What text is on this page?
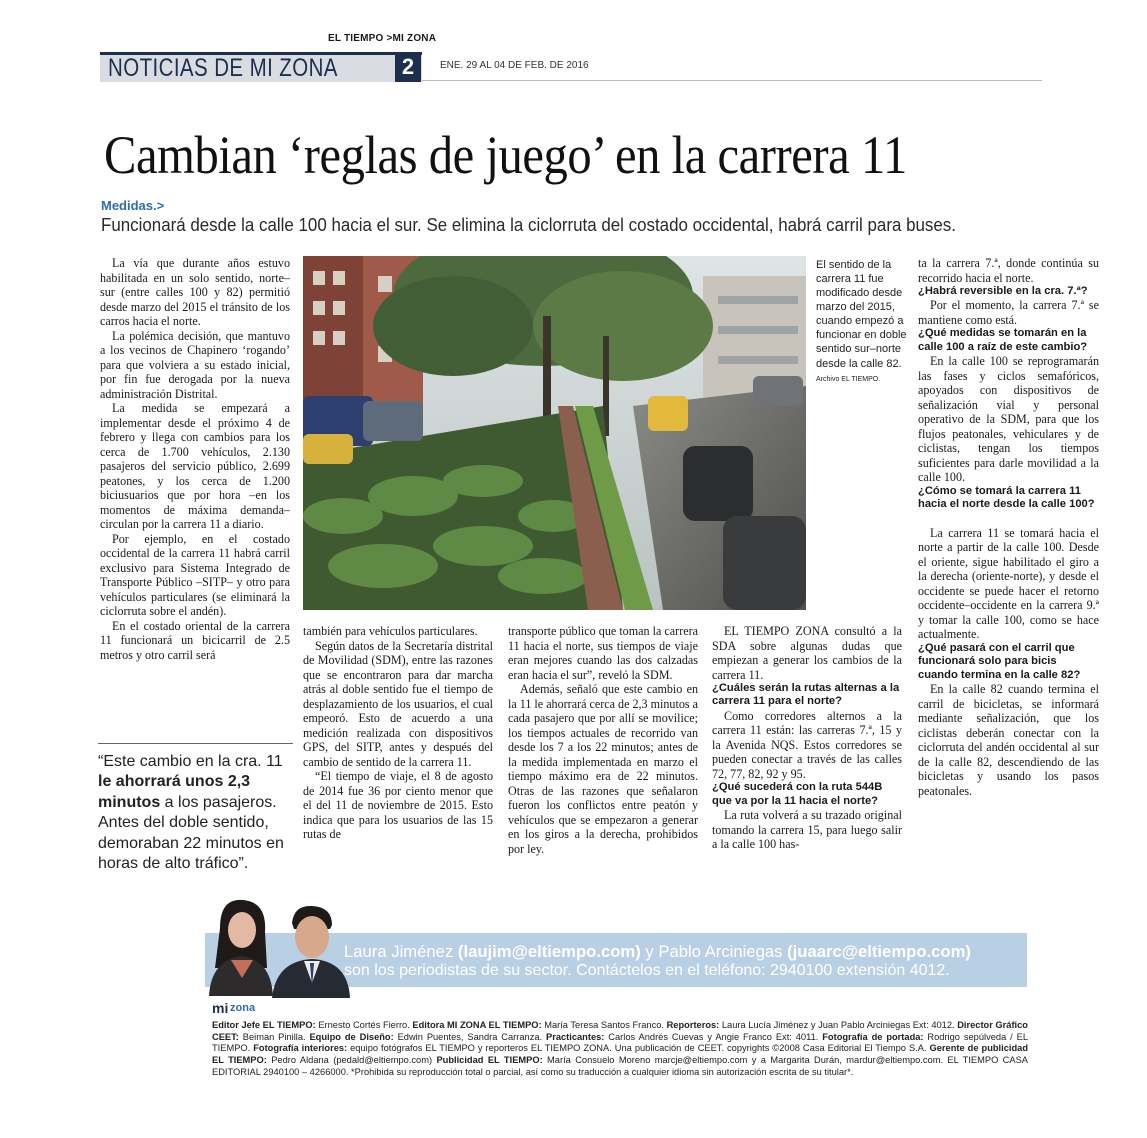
EL TIEMPO >MI ZONA
NOTICIAS DE MI ZONA	2	ENE. 29 AL 04 DE FEB. DE 2016
Cambian ‘reglas de juego’ en la carrera 11
Medidas.>
Funcionará desde la calle 100 hacia el sur. Se elimina la ciclorruta del costado occidental, habrá carril para buses.

La vía que durante años estuvo habilitada en un solo sentido, norte–sur (entre calles 100 y 82) permitió desde marzo del 2015 el tránsito de los carros hacia el norte.

La polémica decisión, que mantuvo a los vecinos de Chapinero ‘rogando’ para que volviera a su estado inicial, por fin fue derogada por la nueva administración Distrital.

La medida se empezará a implementar desde el próximo 4 de febrero y llega con cambios para los cerca de 1.700 vehículos, 2.130 pasajeros del servicio público, 2.699 peatones, y los cerca de 1.200 biciusuarios que por hora –en los momentos de máxima demanda– circulan por la carrera 11 a diario.

Por ejemplo, en el costado occidental de la carrera 11 habrá carril exclusivo para Sistema Integrado de Transporte Público –SITP– y otro para vehículos particulares (se eliminará la ciclorruta sobre el andén).

En el costado oriental de la carrera 11 funcionará un bicicarril de 2.5 metros y otro carril será

El sentido de la carrera 11 fue modificado desde marzo del 2015, cuando empezó a funcionar en doble sentido sur–norte desde la calle 82. Archivo EL TIEMPO.

ta la carrera 7.ª, donde continúa su recorrido hacia el norte.

¿Habrá reversible en la cra. 7.ª?

Por el momento, la carrera 7.ª se mantiene como está.

¿Qué medidas se tomarán en la calle 100 a raíz de este cambio?

En la calle 100 se reprogramarán las fases y ciclos semafóricos, apoyados con dispositivos de señalización vial y personal operativo de la SDM, para que los flujos peatonales, vehiculares y de ciclistas, tengan los tiempos suficientes para darle movilidad a la calle 100.

¿Cómo se tomará la carrera 11 hacia el norte desde la calle 100?

La carrera 11 se tomará hacia el norte a partir de la calle 100. Desde el oriente, sigue habilitado el giro a la derecha (oriente-norte), y desde el occidente se puede hacer el retorno occidente–occidente en la carrera 9.ª y tomar la calle 100, como se hace actualmente.

¿Qué pasará con el carril que funcionará solo para bicis cuando termina en la calle 82?

En la calle 82 cuando termina el carril de bicicletas, se informará mediante señalización, que los ciclistas deberán conectar con la ciclorruta del andén occidental al sur de la calle 82, descendiendo de las bicicletas y usando los pasos peatonales.

“Este cambio en la cra. 11 le ahorrará unos 2,3 minutos a los pasajeros. Antes del doble sentido, demoraban 22 minutos en horas de alto tráfico”.

también para vehículos particulares.

Según datos de la Secretaría distrital de Movilidad (SDM), entre las razones que se encontraron para dar marcha atrás al doble sentido fue el tiempo de desplazamiento de los usuarios, el cual empeoró. Esto de acuerdo a una medición realizada con dispositivos GPS, del SITP, antes y después del cambio de sentido de la carrera 11.

“El tiempo de viaje, el 8 de agosto de 2014 fue 36 por ciento menor que el del 11 de noviembre de 2015. Esto indica que para los usuarios de las 15 rutas de

transporte público que toman la carrera 11 hacia el norte, sus tiempos de viaje eran mejores cuando las dos calzadas eran hacia el sur”, reveló la SDM.

Además, señaló que este cambio en la 11 le ahorrará cerca de 2,3 minutos a cada pasajero que por allí se movilice; los tiempos actuales de recorrido van desde los 7 a los 22 minutos; antes de la medida implementada en marzo el tiempo máximo era de 22 minutos. Otras de las razones que señalaron fueron los conflictos entre peatón y vehículos que se empezaron a generar en los giros a la derecha, prohibidos por ley.

EL TIEMPO ZONA consultó a la SDA sobre algunas dudas que empiezan a generar los cambios de la carrera 11.

¿Cuáles serán la rutas alternas a la carrera 11 para el norte?

Como corredores alternos a la carrera 11 están: las carreras 7.ª, 15 y la Avenida NQS. Estos corredores se pueden conectar a través de las calles 72, 77, 82, 92 y 95.

¿Qué sucederá con la ruta 544B que va por la 11 hacia el norte?

La ruta volverá a su trazado original tomando la carrera 15, para luego salir a la calle 100 has-

Laura Jiménez (laujim@eltiempo.com) y Pablo Arciniegas (juaarc@eltiempo.com)
son los periodistas de su sector. Contáctelos en el teléfono: 2940100 extensión 4012.
mi zona
Editor Jefe EL TIEMPO: Ernesto Cortés Fierro. Editora MI ZONA EL TIEMPO: María Teresa Santos Franco. Reporteros: Laura Lucía Jiménez y Juan Pablo Arciniegas Ext: 4012. Director Gráfico CEET: Beiman Pinilla. Equipo de Diseño: Edwin Puentes, Sandra Carranza. Practicantes: Carlos Andrés Cuevas y Angie Franco Ext: 4011. Fotografía de portada: Rodrigo sepúlveda / EL TIEMPO. Fotografía interiores: equipo fotógrafos EL TIEMPO y reporteros EL TIEMPO ZONA. Una publicación de CEET. copyrights ©2008 Casa Editorial El Tiempo S.A. Gerente de publicidad EL TIEMPO: Pedro Aldana (pedald@eltiempo.com) Publicidad EL TIEMPO: María Consuelo Moreno marcje@eltiempo.com y a Margarita Durán, mardur@eltiempo.com. EL TIEMPO CASA EDITORIAL 2940100 – 4266000. *Prohibida su reproducción total o parcial, así como su traducción a cualquier idioma sin autorización escrita de su titular*.
